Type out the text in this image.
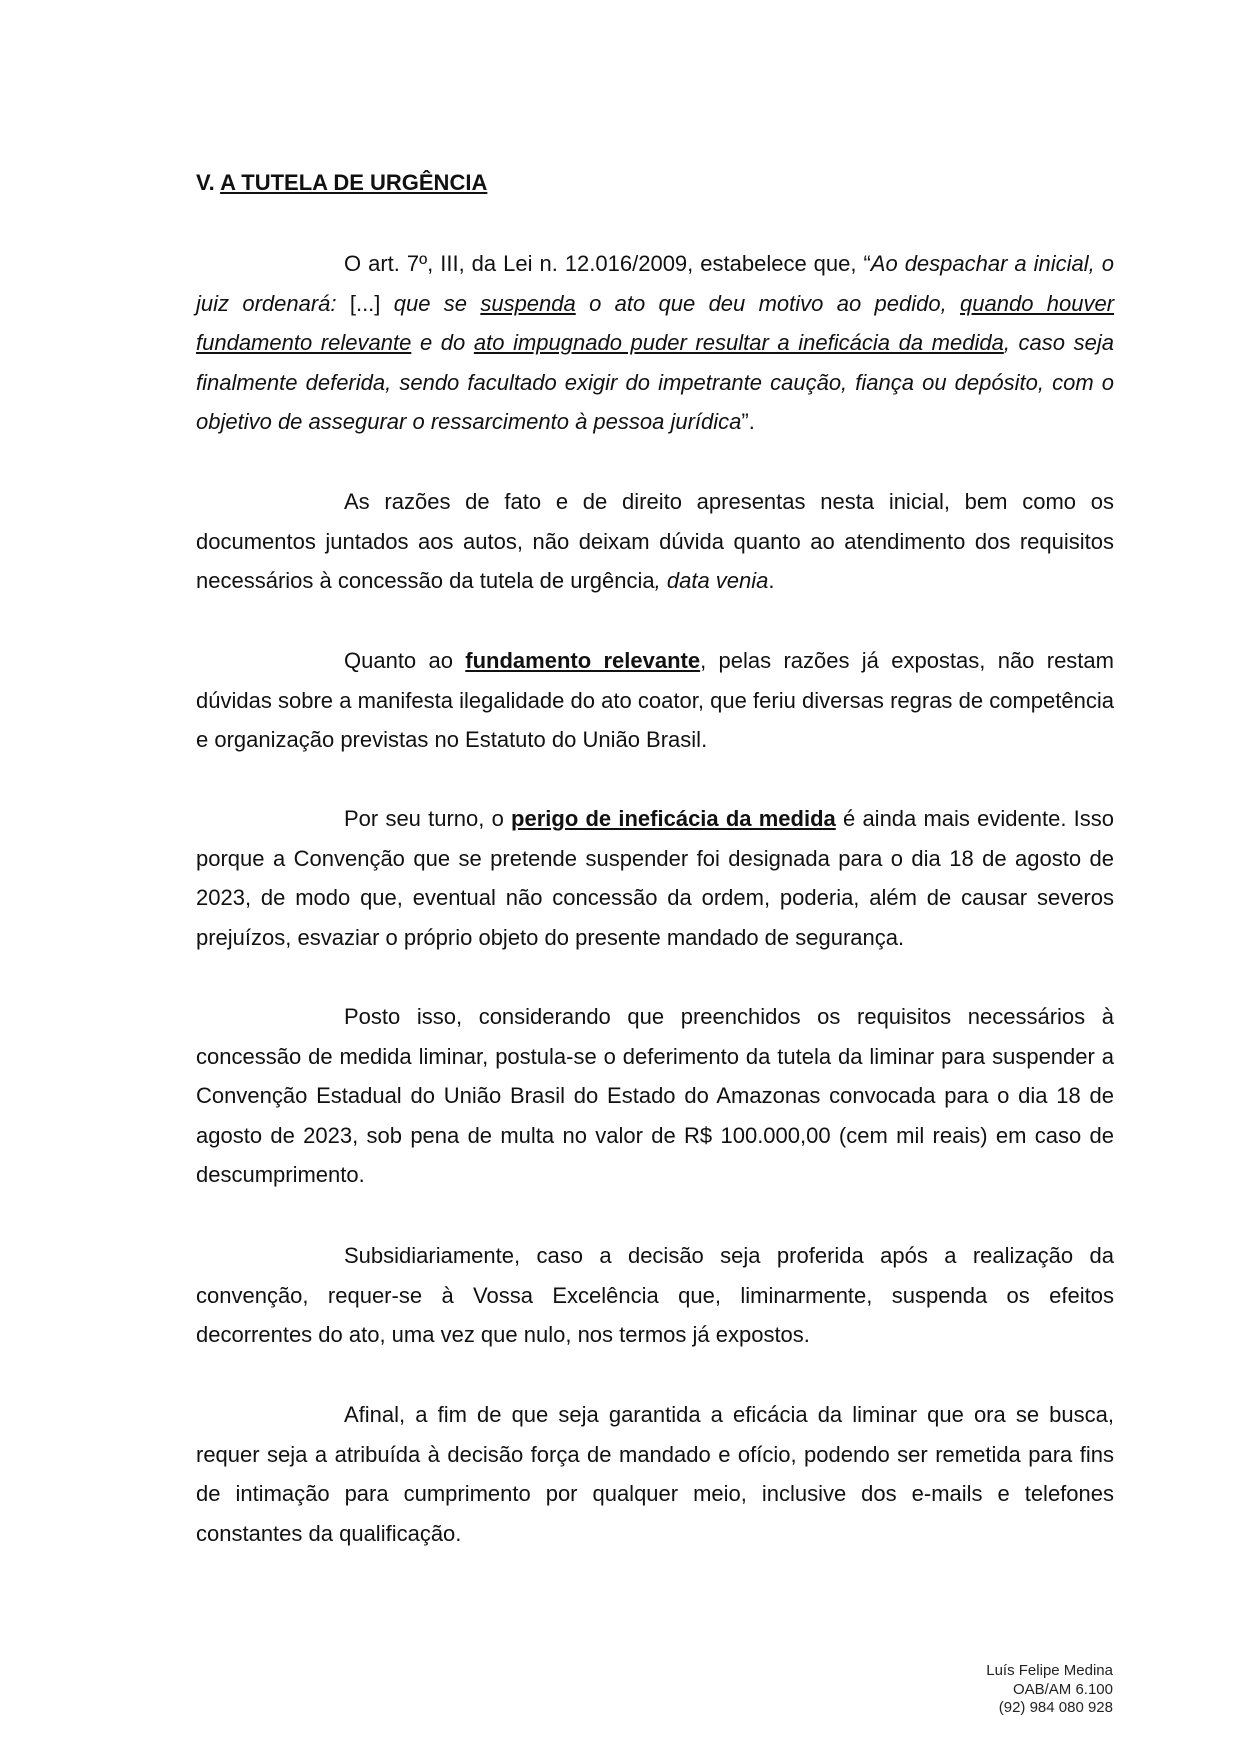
V. A TUTELA DE URGÊNCIA

O art. 7º, III, da Lei n. 12.016/2009, estabelece que, “Ao despachar a inicial, o juiz ordenará: [...] que se suspenda o ato que deu motivo ao pedido, quando houver fundamento relevante e do ato impugnado puder resultar a ineficácia da medida, caso seja finalmente deferida, sendo facultado exigir do impetrante caução, fiança ou depósito, com o objetivo de assegurar o ressarcimento à pessoa jurídica”.

As razões de fato e de direito apresentas nesta inicial, bem como os documentos juntados aos autos, não deixam dúvida quanto ao atendimento dos requisitos necessários à concessão da tutela de urgência, data venia.

Quanto ao fundamento relevante, pelas razões já expostas, não restam dúvidas sobre a manifesta ilegalidade do ato coator, que feriu diversas regras de competência e organização previstas no Estatuto do União Brasil.

Por seu turno, o perigo de ineficácia da medida é ainda mais evidente. Isso porque a Convenção que se pretende suspender foi designada para o dia 18 de agosto de 2023, de modo que, eventual não concessão da ordem, poderia, além de causar severos prejuízos, esvaziar o próprio objeto do presente mandado de segurança.

Posto isso, considerando que preenchidos os requisitos necessários à concessão de medida liminar, postula-se o deferimento da tutela da liminar para suspender a Convenção Estadual do União Brasil do Estado do Amazonas convocada para o dia 18 de agosto de 2023, sob pena de multa no valor de R$ 100.000,00 (cem mil reais) em caso de descumprimento.

Subsidiariamente, caso a decisão seja proferida após a realização da convenção, requer-se à Vossa Excelência que, liminarmente, suspenda os efeitos decorrentes do ato, uma vez que nulo, nos termos já expostos.

Afinal, a fim de que seja garantida a eficácia da liminar que ora se busca, requer seja a atribuída à decisão força de mandado e ofício, podendo ser remetida para fins de intimação para cumprimento por qualquer meio, inclusive dos e-mails e telefones constantes da qualificação.

Luís Felipe Medina
OAB/AM 6.100
(92) 984 080 928
